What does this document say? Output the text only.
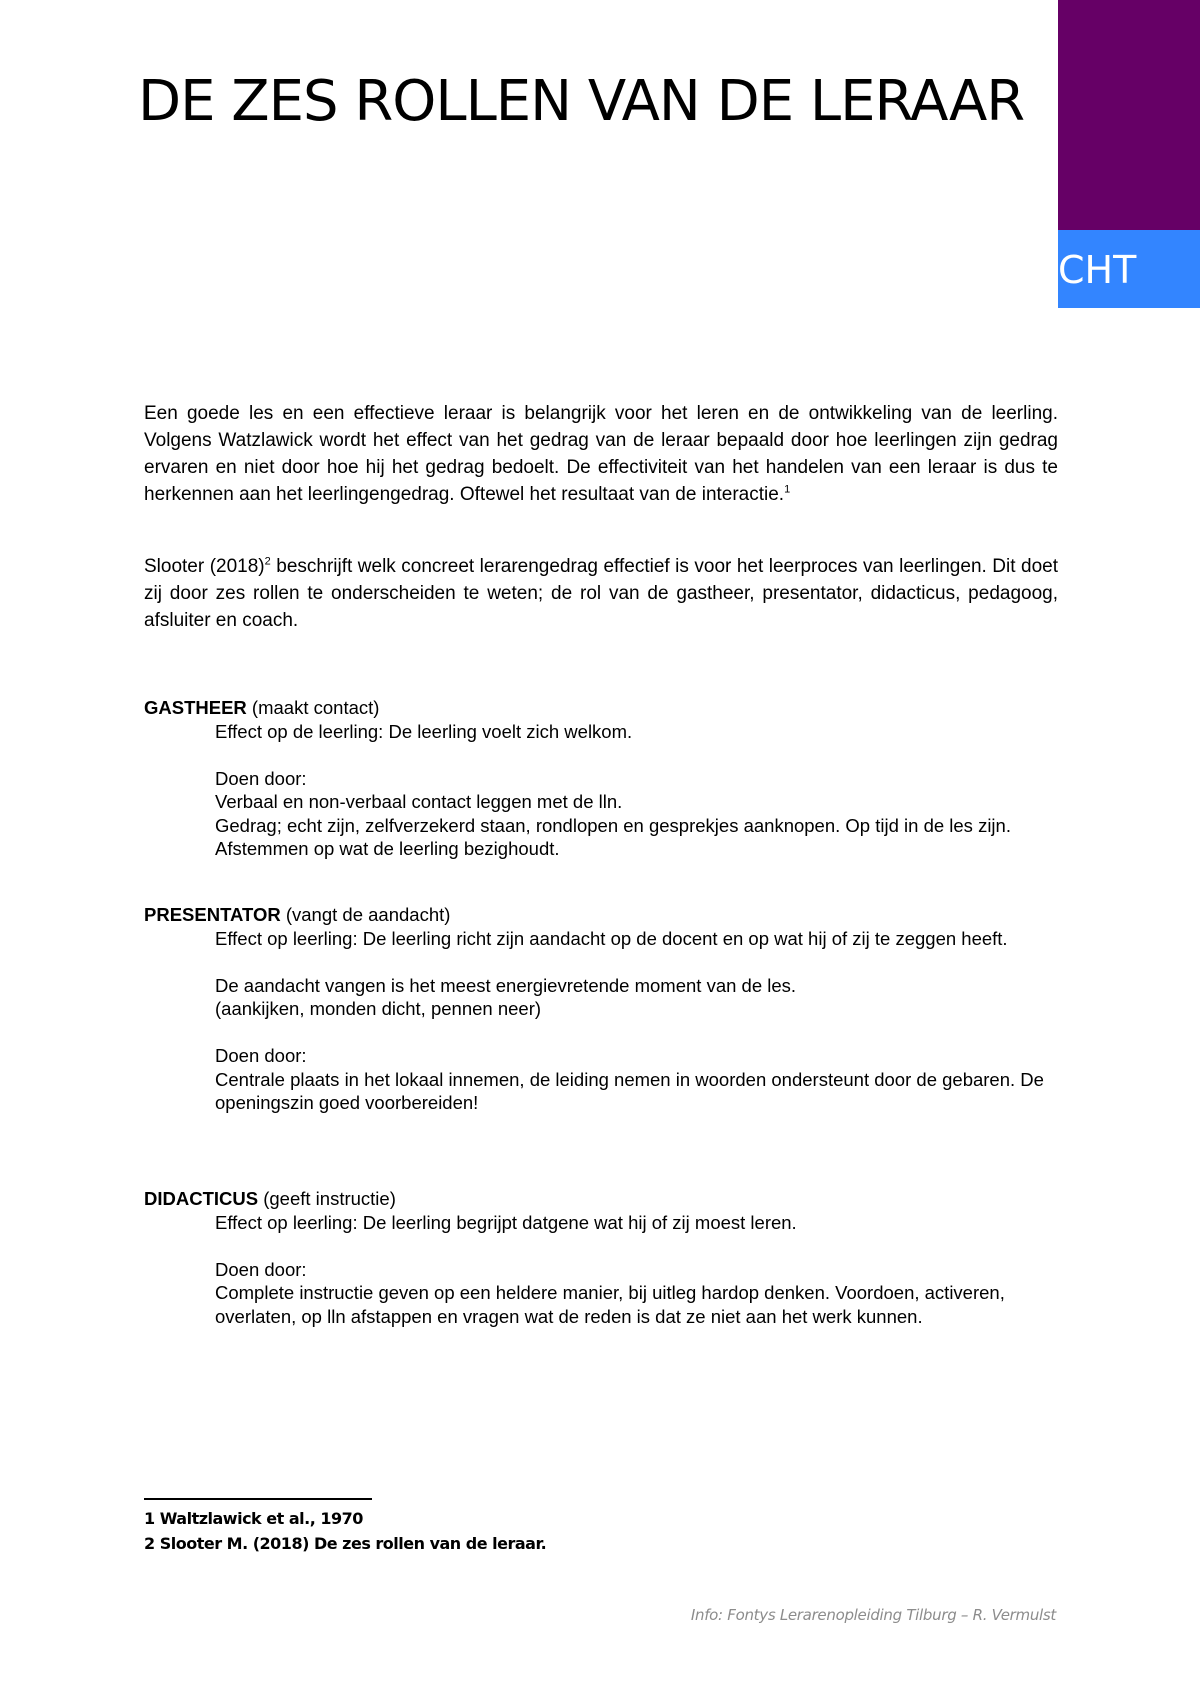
DE ZES ROLLEN VAN DE LERAAR
CHT

Een goede les en een effectieve leraar is belangrijk voor het leren en de ontwikkeling van de leerling. Volgens Watzlawick wordt het effect van het gedrag van de leraar bepaald door hoe leerlingen zijn gedrag ervaren en niet door hoe hij het gedrag bedoelt. De effectiviteit van het handelen van een leraar is dus te herkennen aan het leerlingengedrag. Oftewel het resultaat van de interactie.$^1$

Slooter $(2018)^2$ beschrijft welk concreet lerarengedrag effectief is voor het leerproces van leerlingen. Dit doet zij door zes rollen te onderscheiden te weten; de rol van de gastheer, presentator, didacticus, pedagoog, afsluiter en coach.

GASTHEER (maakt contact)

Effect op de leerling: De leerling voelt zich welkom.

Doen door:

Verbaal en non-verbaal contact leggen met de lln.

Gedrag; echt zijn, zelfverzekerd staan, rondlopen en gesprekjes aanknopen. Op tijd in de les zijn. Afstemmen op wat de leerling bezighoudt.

PRESENTATOR (vangt de aandacht)

Effect op leerling: De leerling richt zijn aandacht op de docent en op wat hij of zij te zeggen heeft.

De aandacht vangen is het meest energievretende moment van de les.

(aankijken, monden dicht, pennen neer)

Doen door:

Centrale plaats in het lokaal innemen, de leiding nemen in woorden ondersteunt door de gebaren. De openingszin goed voorbereiden!

DIDACTICUS (geeft instructie)

Effect op leerling: De leerling begrijpt datgene wat hij of zij moest leren.

Doen door:

Complete instructie geven op een heldere manier, bij uitleg hardop denken. Voordoen, activeren, overlaten, op lln afstappen en vragen wat de reden is dat ze niet aan het werk kunnen.

1 Waltzlawick et al., 1970

2 Slooter M. (2018) De zes rollen van de leraar.

Info: Fontys Lerarenopleiding Tilburg – R. Vermulst
